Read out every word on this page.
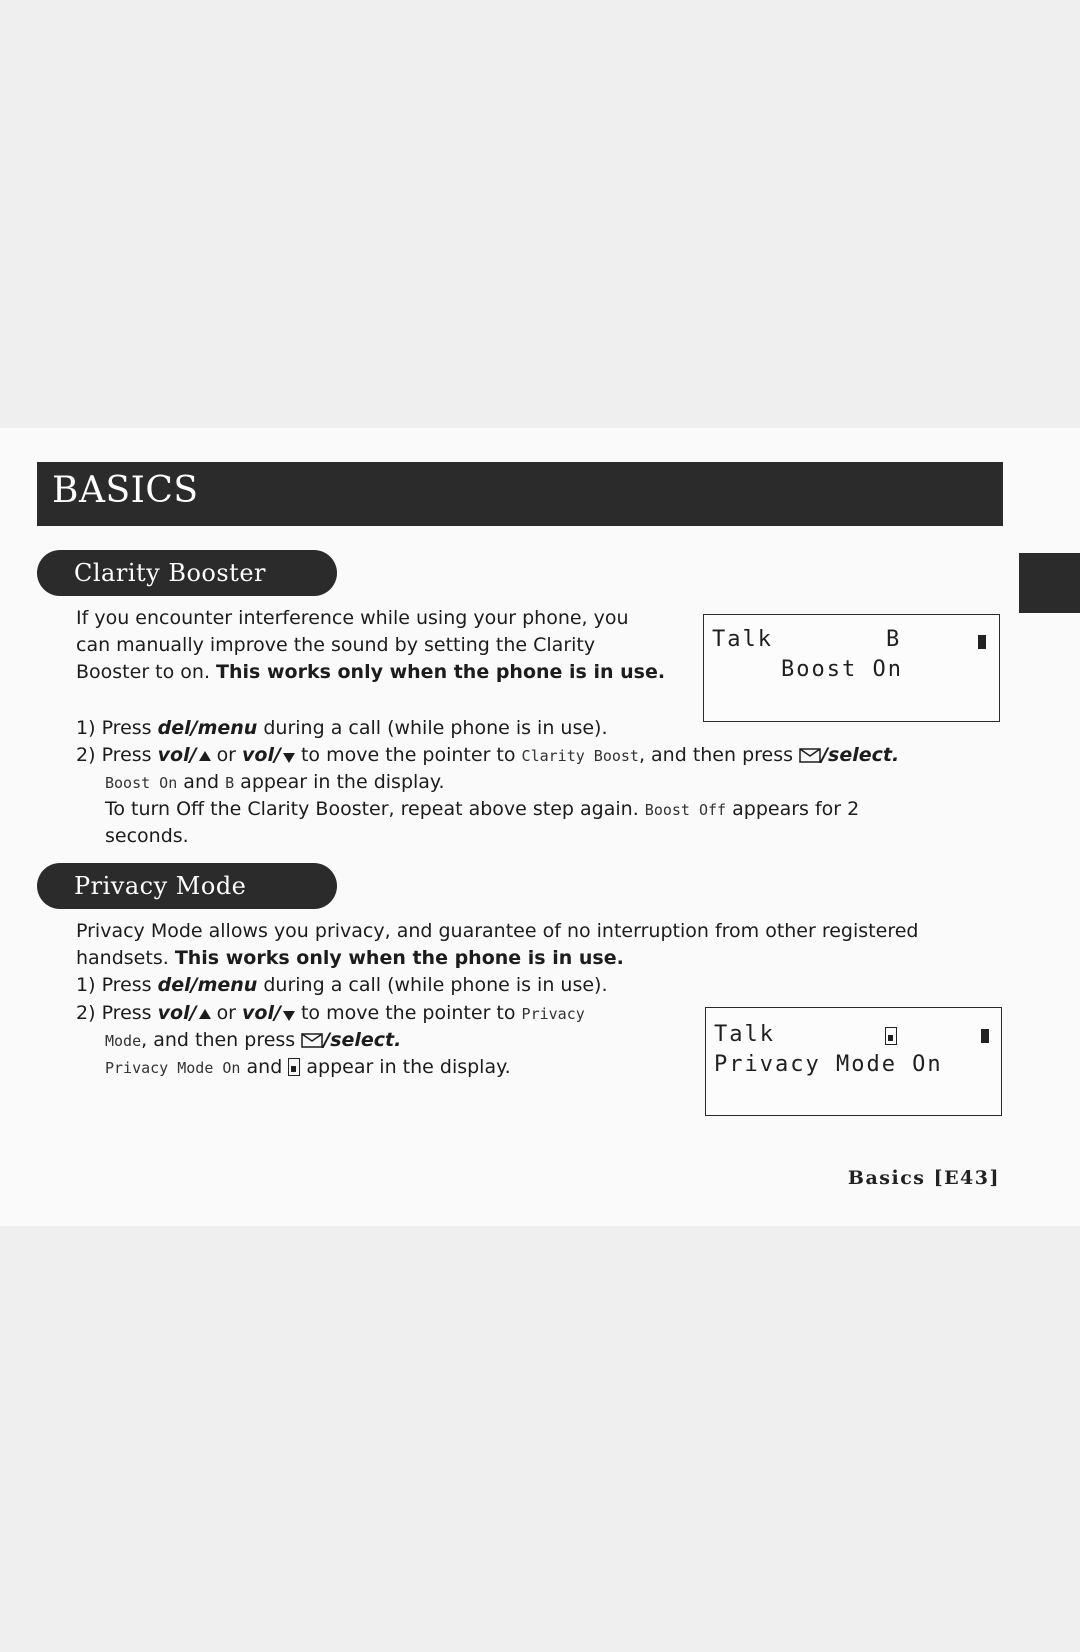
BASICS
Clarity Booster
If you encounter interference while using your phone, you
can manually improve the sound by setting the Clarity
Booster to on. This works only when the phone is in use.
Talk	B
Boost On
1) Press del/menu during a call (while phone is in use).
2) Press vol/ or vol/ to move the pointer to Clarity Boost, and then press /select.
Boost On and B appear in the display.
To turn Off the Clarity Booster, repeat above step again. Boost Off appears for 2
seconds.
Privacy Mode
Privacy Mode allows you privacy, and guarantee of no interruption from other registered
handsets. This works only when the phone is in use.
1) Press del/menu during a call (while phone is in use).
2) Press vol/ or vol/ to move the pointer to Privacy
Mode, and then press /select.
Privacy Mode On and appear in the display.
Talk
Privacy Mode On
Basics [E43]
